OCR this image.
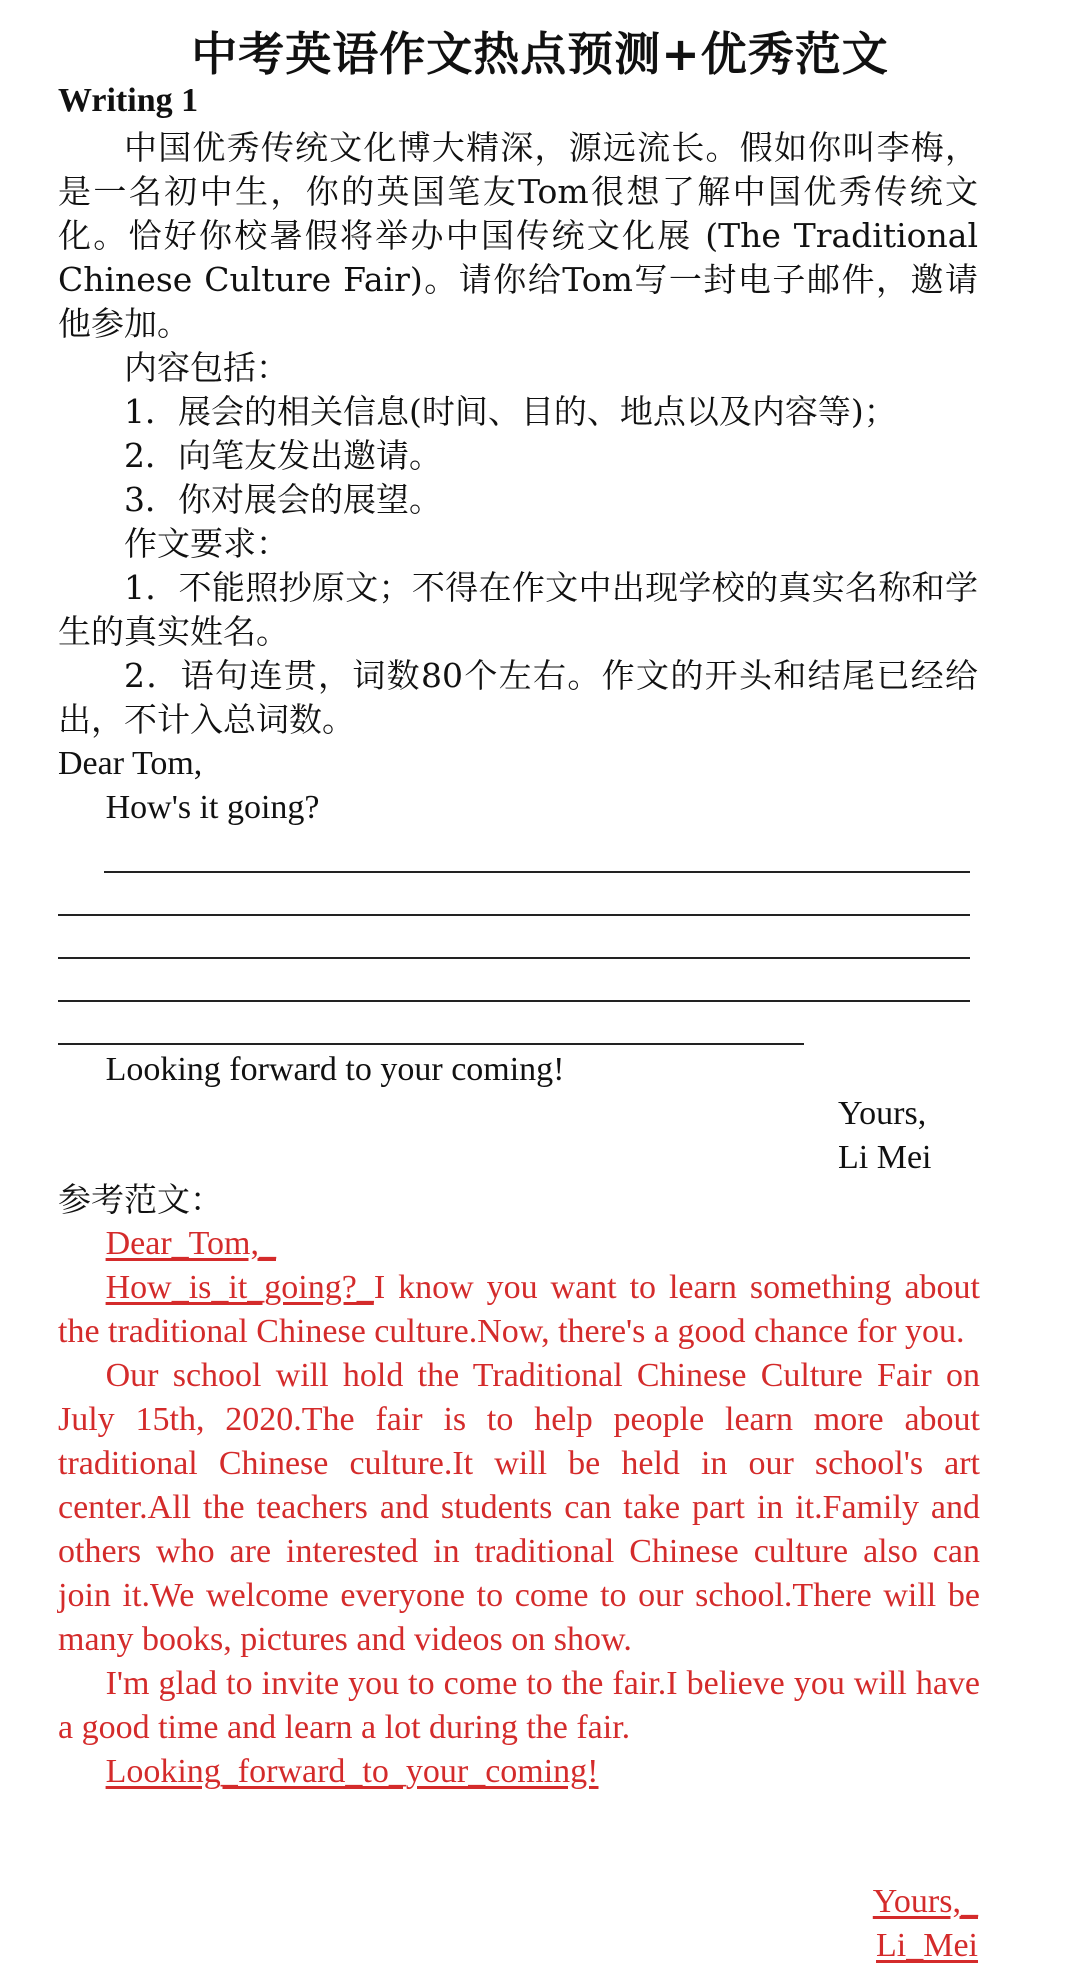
中考英语作文热点预测+优秀范文
Writing 1

中国优秀传统文化博大精深，源远流长。假如你叫李梅，是一名初中生，你的英国笔友Tom很想了解中国优秀传统文化。恰好你校暑假将举办中国传统文化展 (The Traditional Chinese Culture Fair)。请你给Tom写一封电子邮件，邀请他参加。

内容包括：

1．展会的相关信息(时间、目的、地点以及内容等)；

2．向笔友发出邀请。

3．你对展会的展望。

作文要求：

1．不能照抄原文；不得在作文中出现学校的真实名称和学生的真实姓名。

2．语句连贯，词数80个左右。作文的开头和结尾已经给出，不计入总词数。

Dear Tom,

How's it going?

Looking forward to your coming!

Yours,
Li Mei

参考范文：

Dear_Tom,_

How_is_it_going?_I know you want to learn something about the traditional Chinese culture.Now, there's a good chance for you.

Our school will hold the Traditional Chinese Culture Fair on July 15th, 2020.The fair is to help people learn more about traditional Chinese culture.It will be held in our school's art center.All the teachers and students can take part in it.Family and others who are interested in traditional Chinese culture also can join it.We welcome everyone to come to our school.There will be many books, pictures and videos on show.

I'm glad to invite you to come to the fair.I believe you will have a good time and learn a lot during the fair.

Looking_forward_to_your_coming!

Yours,_
Li_Mei
